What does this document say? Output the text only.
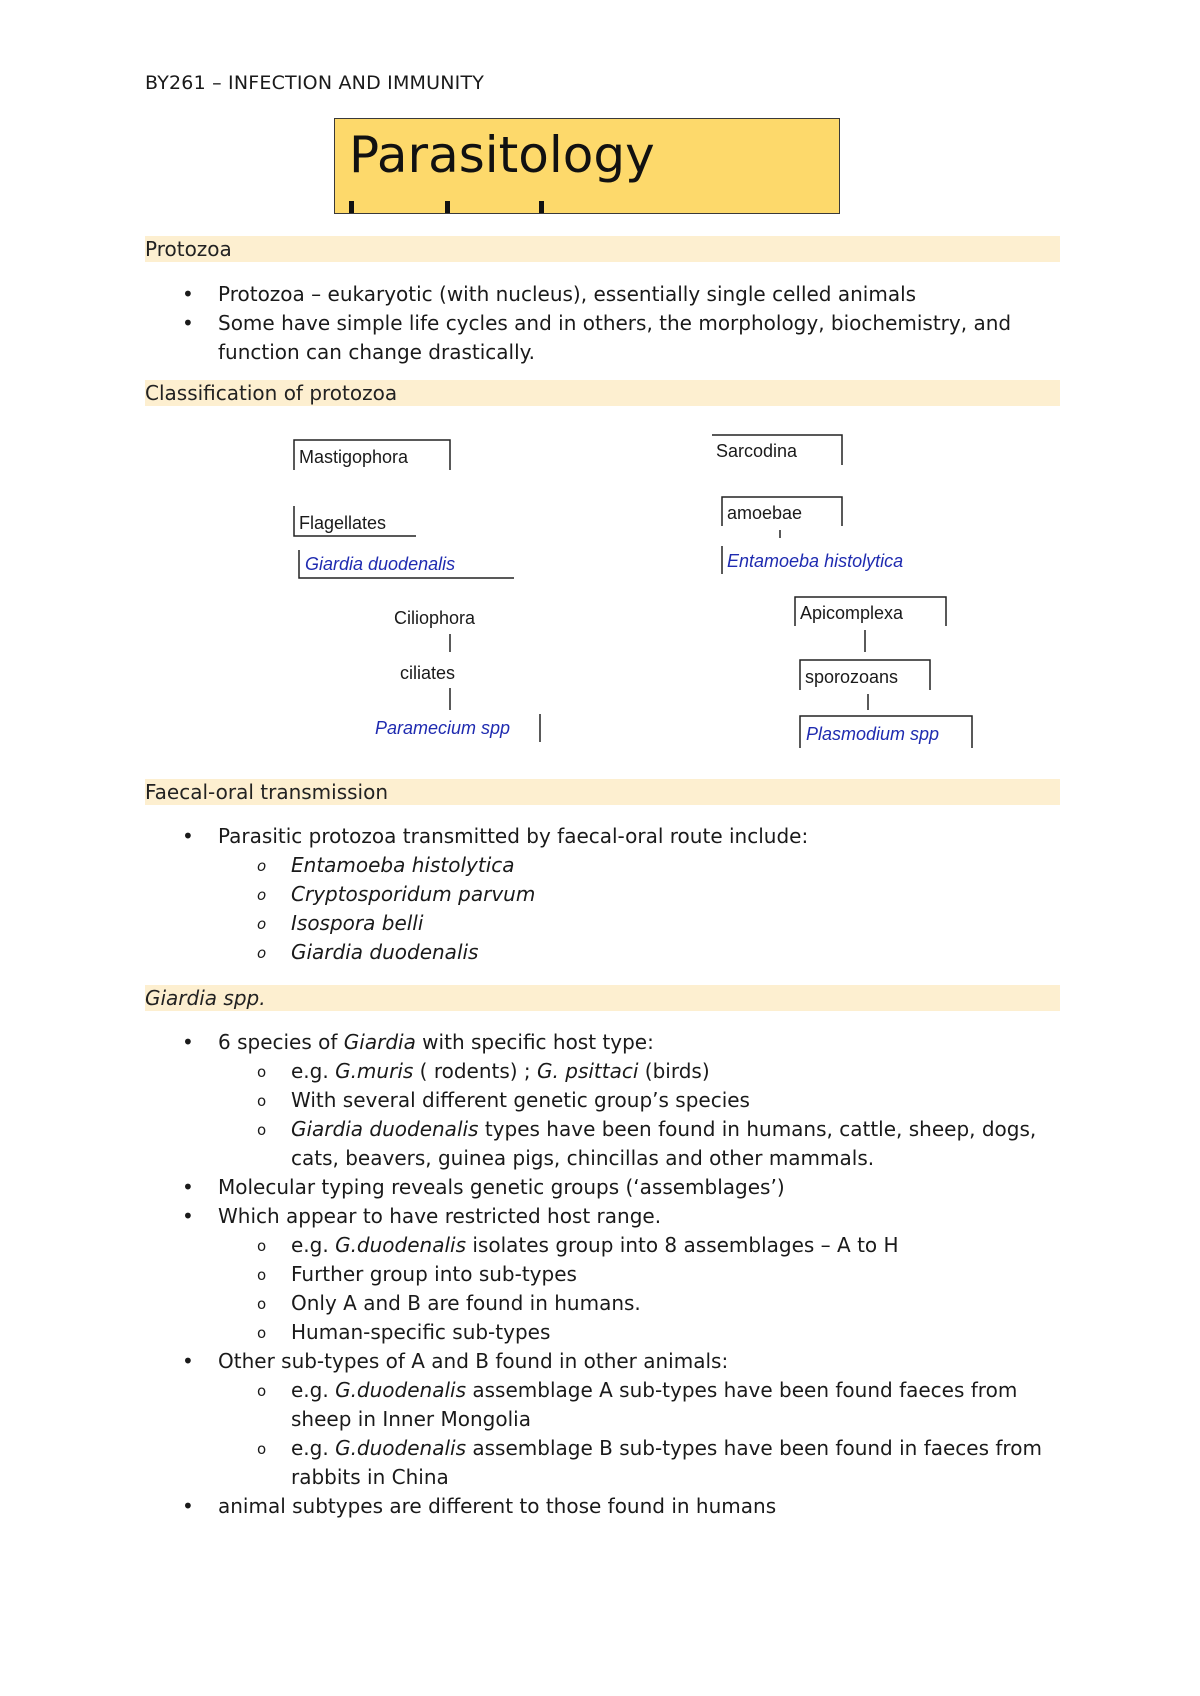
BY261 – INFECTION AND IMMUNITY
Parasitology
Protozoa
• Protozoa – eukaryotic (with nucleus), essentially single celled animals
• Some have simple life cycles and in others, the morphology, biochemistry, and function can change drastically.
Classification of protozoa
Mastigophora
Flagellates
Ciliophora
ciliates
Sarcodina
amoebae
Apicomplexa
sporozoans
Giardia duodenalis
Paramecium spp
Entamoeba histolytica
Plasmodium spp
Faecal-oral transmission
• Parasitic protozoa transmitted by faecal-oral route include:
o Entamoeba histolytica
o Cryptosporidum parvum
o Isospora belli
o Giardia duodenalis
Giardia spp.
• 6 species of Giardia with specific host type:
o e.g. G.muris ( rodents) ; G. psittaci (birds)
o With several different genetic group’s species
o Giardia duodenalis types have been found in humans, cattle, sheep, dogs, cats, beavers, guinea pigs, chincillas and other mammals.
• Molecular typing reveals genetic groups (‘assemblages’)
• Which appear to have restricted host range.
o e.g. G.duodenalis isolates group into 8 assemblages – A to H
o Further group into sub-types
o Only A and B are found in humans.
o Human-specific sub-types
• Other sub-types of A and B found in other animals:
o e.g. G.duodenalis assemblage A sub-types have been found faeces from sheep in Inner Mongolia
o e.g. G.duodenalis assemblage B sub-types have been found in faeces from rabbits in China
• animal subtypes are different to those found in humans
